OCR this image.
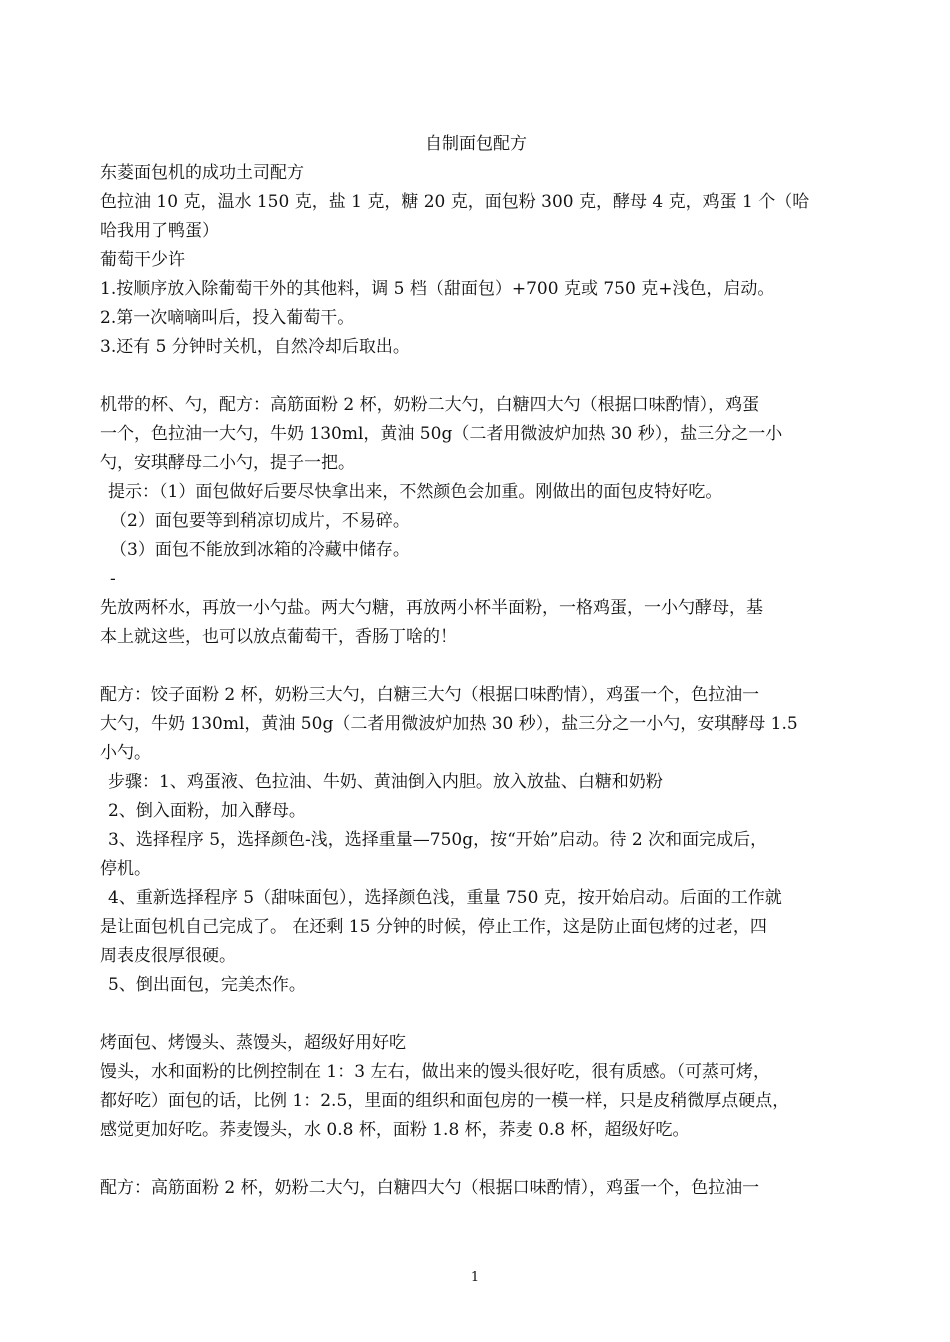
自制面包配方
东菱面包机的成功土司配方
色拉油 10 克，温水 150 克，盐 1 克，糖 20 克，面包粉 300 克，酵母 4 克，鸡蛋 1 个（哈
哈我用了鸭蛋）
葡萄干少许
1.按顺序放入除葡萄干外的其他料，调 5 档（甜面包）+700 克或 750 克+浅色，启动。
2.第一次嘀嘀叫后，投入葡萄干。
3.还有 5 分钟时关机，自然冷却后取出。
机带的杯、勺，配方：高筋面粉 2 杯，奶粉二大勺，白糖四大勺（根据口味酌情），鸡蛋
一个，色拉油一大勺，牛奶 130ml，黄油 50g（二者用微波炉加热 30 秒），盐三分之一小
勺，安琪酵母二小勺，提子一把。
提示：（1）面包做好后要尽快拿出来，不然颜色会加重。刚做出的面包皮特好吃。
（2）面包要等到稍凉切成片，不易碎。
（3）面包不能放到冰箱的冷藏中储存。
-
先放两杯水，再放一小勺盐。两大勺糖，再放两小杯半面粉，一格鸡蛋，一小勺酵母，基
本上就这些，也可以放点葡萄干，香肠丁啥的！
配方：饺子面粉 2 杯，奶粉三大勺，白糖三大勺（根据口味酌情），鸡蛋一个，色拉油一
大勺，牛奶 130ml，黄油 50g（二者用微波炉加热 30 秒），盐三分之一小勺，安琪酵母 1.5
小勺。
步骤：1、鸡蛋液、色拉油、牛奶、黄油倒入内胆。放入放盐、白糖和奶粉
2、倒入面粉，加入酵母。
3、选择程序 5，选择颜色-浅，选择重量—750g，按“开始”启动。待 2 次和面完成后，
停机。
4、重新选择程序 5（甜味面包），选择颜色浅，重量 750 克，按开始启动。后面的工作就
是让面包机自己完成了。 在还剩 15 分钟的时候，停止工作，这是防止面包烤的过老，四
周表皮很厚很硬。
5、倒出面包，完美杰作。
烤面包、烤馒头、蒸馒头，超级好用好吃
馒头，水和面粉的比例控制在 1：3 左右，做出来的馒头很好吃，很有质感。（可蒸可烤，
都好吃）面包的话，比例 1：2.5，里面的组织和面包房的一模一样，只是皮稍微厚点硬点，
感觉更加好吃。荞麦馒头，水 0.8 杯，面粉 1.8 杯，荞麦 0.8 杯，超级好吃。
配方：高筋面粉 2 杯，奶粉二大勺，白糖四大勺（根据口味酌情），鸡蛋一个，色拉油一
1
